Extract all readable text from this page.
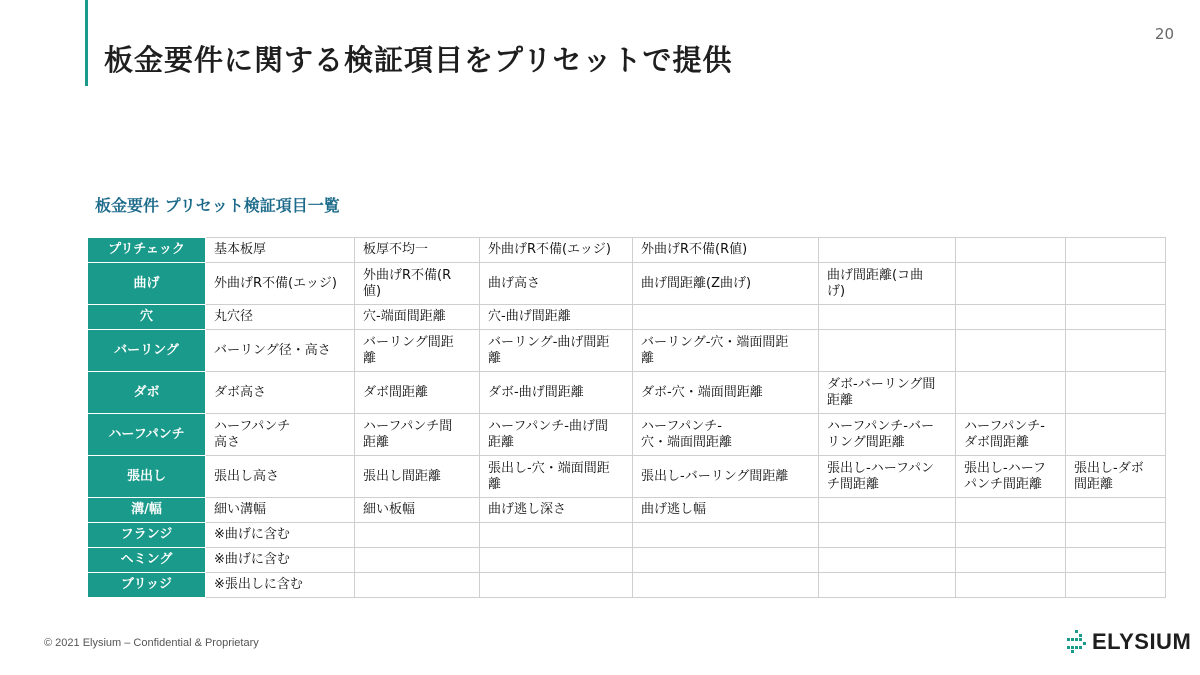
板金要件に関する検証項目をプリセットで提供
20
板金要件 プリセット検証項目一覧
プリチェック	基本板厚	板厚不均一	外曲げR不備(エッジ)	外曲げR不備(R値)			

曲げ	外曲げR不備(エッジ)	外曲げR不備(R
値)	曲げ高さ	曲げ間距離(Z曲げ)	曲げ間距離(コ曲
げ)		

穴	丸穴径	穴-端面間距離	穴-曲げ間距離				

バーリング	バーリング径・高さ	バーリング間距
離	バーリング-曲げ間距
離	バーリング-穴・端面間距
離			

ダボ	ダボ高さ	ダボ間距離	ダボ-曲げ間距離	ダボ-穴・端面間距離	ダボ-バーリング間
距離		

ハーフパンチ	ハーフパンチ
高さ	ハーフパンチ間
距離	ハーフパンチ-曲げ間
距離	ハーフパンチ-
穴・端面間距離	ハーフパンチ-バー
リング間距離	ハーフパンチ-
ダボ間距離	

張出し	張出し高さ	張出し間距離	張出し-穴・端面間距
離	張出し-バーリング間距離	張出し-ハーフパン
チ間距離	張出し-ハーフ
パンチ間距離	張出し-ダボ
間距離

溝/幅	細い溝幅	細い板幅	曲げ逃し深さ	曲げ逃し幅			

フランジ	※曲げに含む						

ヘミング	※曲げに含む						

ブリッジ	※張出しに含む						

© 2021 Elysium – Confidential & Proprietary	ELYSIUM
